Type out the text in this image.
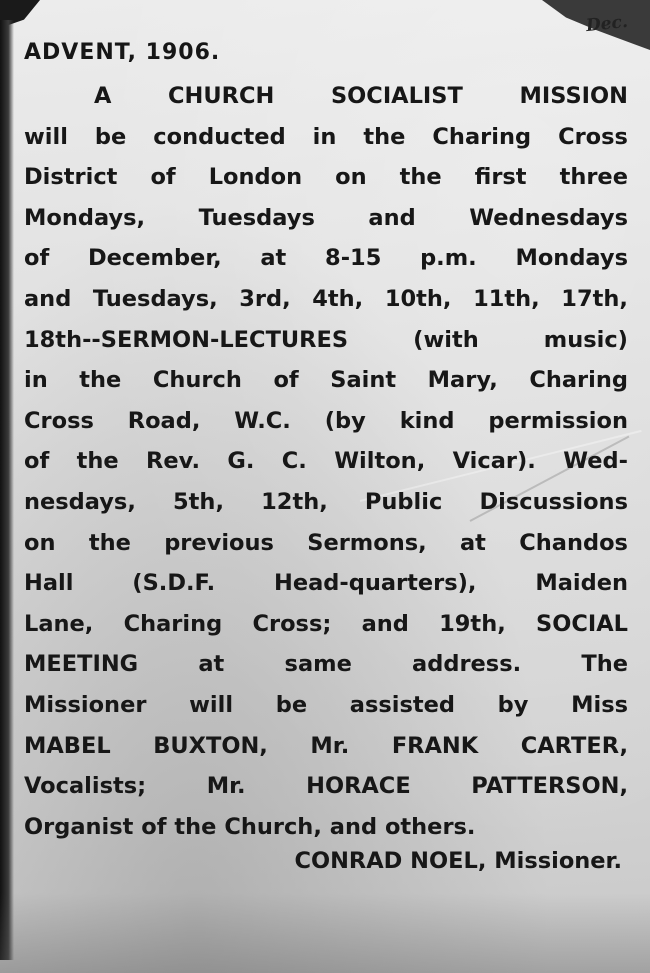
Dec.
ADVENT, 1906.
A	CHURCH	SOCIALIST	MISSION
will be conducted in the Charing Cross
District of London on the first three
Mondays, Tuesdays and Wednesdays
of December, at 8-15 p.m. Mondays
and Tuesdays, 3rd, 4th, 10th, 11th, 17th,
18th--SERMON-LECTURES	(with	music)
in the Church of Saint Mary, Charing
Cross Road, W.C. (by kind permission
of the Rev. G. C. Wilton, Vicar). Wed-
nesdays, 5th, 12th, Public Discussions
on the previous Sermons, at Chandos
Hall	(S.D.F.	Head-quarters),	Maiden
Lane, Charing Cross; and 19th, SOCIAL
MEETING	at	same	address.	The
Missioner will be assisted by Miss
MABEL BUXTON, Mr. FRANK CARTER,
Vocalists;	Mr.	HORACE	PATTERSON,
Organist of the Church, and others.
CONRAD NOEL, Missioner.
